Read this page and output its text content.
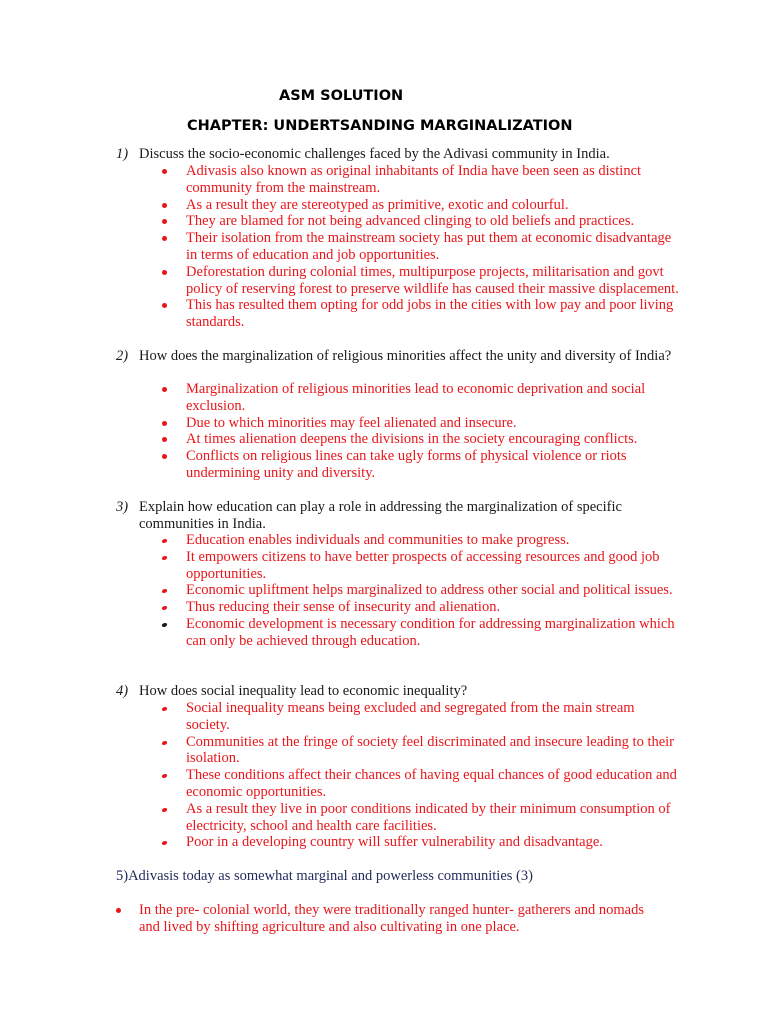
ASM SOLUTION
CHAPTER: UNDERTSANDING MARGINALIZATION
1) Discuss the socio-economic challenges faced by the Adivasi community in India.
Adivasis also known as original inhabitants of India have been seen as distinct community from the mainstream.
As a result they are stereotyped as primitive, exotic and colourful.
They are blamed for not being advanced clinging to old beliefs and practices.
Their isolation from the mainstream society has put them at economic disadvantage in terms of education and job opportunities.
Deforestation during colonial times, multipurpose projects, militarisation and govt policy of reserving forest to preserve wildlife has caused their massive displacement.
This has resulted them opting for odd jobs in the cities with low pay and poor living standards.
2) How does the marginalization of religious minorities affect the unity and diversity of India?
Marginalization of religious minorities lead to economic deprivation and social exclusion.
Due to which minorities may feel alienated and insecure.
At times alienation deepens the divisions in the society encouraging conflicts.
Conflicts on religious lines can take ugly forms of physical violence or riots undermining unity and diversity.
3) Explain how education can play a role in addressing the marginalization of specific communities in India.
Education enables individuals and communities to make progress.
It empowers citizens to have better prospects of accessing resources and good job opportunities.
Economic upliftment helps marginalized to address other social and political issues.
Thus reducing their sense of insecurity and alienation.
Economic development is necessary condition for addressing marginalization which can only be achieved through education.
4) How does social inequality lead to economic inequality?
Social inequality means being excluded and segregated from the main stream society.
Communities at the fringe of society feel discriminated and insecure leading to their isolation.
These conditions affect their chances of having equal chances of good education and economic opportunities.
As a result they live in poor conditions indicated by their minimum consumption of electricity, school and health care facilities.
Poor in a developing country will suffer vulnerability and disadvantage.
5)Adivasis today as somewhat marginal and powerless communities (3)
In the pre- colonial world, they were traditionally ranged hunter- gatherers and nomads and lived by shifting agriculture and also cultivating in one place.
